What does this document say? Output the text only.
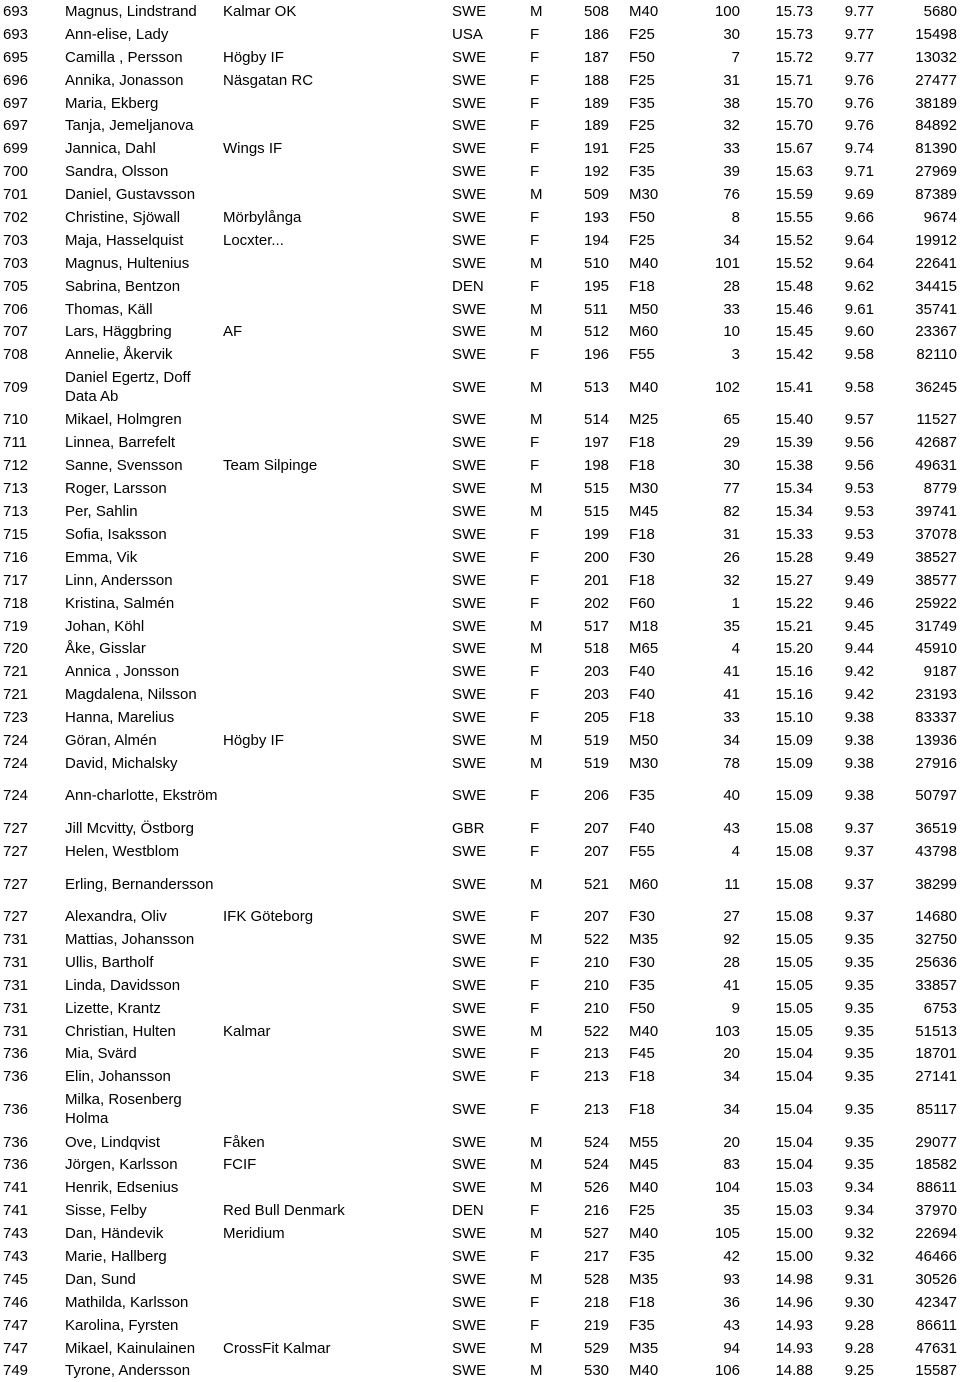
693	Magnus, Lindstrand	Kalmar OK	SWE	M	508	M40	100	15.73	9.77	5680
693	Ann-elise, Lady		USA	F	186	F25	30	15.73	9.77	15498
695	Camilla , Persson	Högby IF	SWE	F	187	F50	7	15.72	9.77	13032
696	Annika, Jonasson	Näsgatan RC	SWE	F	188	F25	31	15.71	9.76	27477
697	Maria, Ekberg		SWE	F	189	F35	38	15.70	9.76	38189
697	Tanja, Jemeljanova		SWE	F	189	F25	32	15.70	9.76	84892
699	Jannica, Dahl	Wings IF	SWE	F	191	F25	33	15.67	9.74	81390
700	Sandra, Olsson		SWE	F	192	F35	39	15.63	9.71	27969
701	Daniel, Gustavsson		SWE	M	509	M30	76	15.59	9.69	87389
702	Christine, Sjöwall	Mörbylånga	SWE	F	193	F50	8	15.55	9.66	9674
703	Maja, Hasselquist	Locxter...	SWE	F	194	F25	34	15.52	9.64	19912
703	Magnus, Hultenius		SWE	M	510	M40	101	15.52	9.64	22641
705	Sabrina, Bentzon		DEN	F	195	F18	28	15.48	9.62	34415
706	Thomas, Käll		SWE	M	511	M50	33	15.46	9.61	35741
707	Lars, Häggbring	AF	SWE	M	512	M60	10	15.45	9.60	23367
708	Annelie, Åkervik		SWE	F	196	F55	3	15.42	9.58	82110
709	Daniel Egertz, Doff Data Ab		SWE	M	513	M40	102	15.41	9.58	36245
710	Mikael, Holmgren		SWE	M	514	M25	65	15.40	9.57	11527
711	Linnea, Barrefelt		SWE	F	197	F18	29	15.39	9.56	42687
712	Sanne, Svensson	Team Silpinge	SWE	F	198	F18	30	15.38	9.56	49631
713	Roger, Larsson		SWE	M	515	M30	77	15.34	9.53	8779
713	Per, Sahlin		SWE	M	515	M45	82	15.34	9.53	39741
715	Sofia, Isaksson		SWE	F	199	F18	31	15.33	9.53	37078
716	Emma, Vik		SWE	F	200	F30	26	15.28	9.49	38527
717	Linn, Andersson		SWE	F	201	F18	32	15.27	9.49	38577
718	Kristina, Salmén		SWE	F	202	F60	1	15.22	9.46	25922
719	Johan, Köhl		SWE	M	517	M18	35	15.21	9.45	31749
720	Åke, Gisslar		SWE	M	518	M65	4	15.20	9.44	45910
721	Annica , Jonsson		SWE	F	203	F40	41	15.16	9.42	9187
721	Magdalena, Nilsson		SWE	F	203	F40	41	15.16	9.42	23193
723	Hanna, Marelius		SWE	F	205	F18	33	15.10	9.38	83337
724	Göran, Almén	Högby IF	SWE	M	519	M50	34	15.09	9.38	13936
724	David, Michalsky		SWE	M	519	M30	78	15.09	9.38	27916
724	Ann-charlotte, Ekström		SWE	F	206	F35	40	15.09	9.38	50797
727	Jill Mcvitty, Östborg		GBR	F	207	F40	43	15.08	9.37	36519
727	Helen, Westblom		SWE	F	207	F55	4	15.08	9.37	43798
727	Erling, Bernandersson		SWE	M	521	M60	11	15.08	9.37	38299
727	Alexandra, Oliv	IFK Göteborg	SWE	F	207	F30	27	15.08	9.37	14680
731	Mattias, Johansson		SWE	M	522	M35	92	15.05	9.35	32750
731	Ullis, Bartholf		SWE	F	210	F30	28	15.05	9.35	25636
731	Linda, Davidsson		SWE	F	210	F35	41	15.05	9.35	33857
731	Lizette, Krantz		SWE	F	210	F50	9	15.05	9.35	6753
731	Christian, Hulten	Kalmar	SWE	M	522	M40	103	15.05	9.35	51513
736	Mia, Svärd		SWE	F	213	F45	20	15.04	9.35	18701
736	Elin, Johansson		SWE	F	213	F18	34	15.04	9.35	27141
736	Milka, Rosenberg Holma		SWE	F	213	F18	34	15.04	9.35	85117
736	Ove, Lindqvist	Fåken	SWE	M	524	M55	20	15.04	9.35	29077
736	Jörgen, Karlsson	FCIF	SWE	M	524	M45	83	15.04	9.35	18582
741	Henrik, Edsenius		SWE	M	526	M40	104	15.03	9.34	88611
741	Sisse, Felby	Red Bull Denmark	DEN	F	216	F25	35	15.03	9.34	37970
743	Dan, Händevik	Meridium	SWE	M	527	M40	105	15.00	9.32	22694
743	Marie, Hallberg		SWE	F	217	F35	42	15.00	9.32	46466
745	Dan, Sund		SWE	M	528	M35	93	14.98	9.31	30526
746	Mathilda, Karlsson		SWE	F	218	F18	36	14.96	9.30	42347
747	Karolina, Fyrsten		SWE	F	219	F35	43	14.93	9.28	86611
747	Mikael, Kainulainen	CrossFit Kalmar	SWE	M	529	M35	94	14.93	9.28	47631
749	Tyrone, Andersson		SWE	M	530	M40	106	14.88	9.25	15587
